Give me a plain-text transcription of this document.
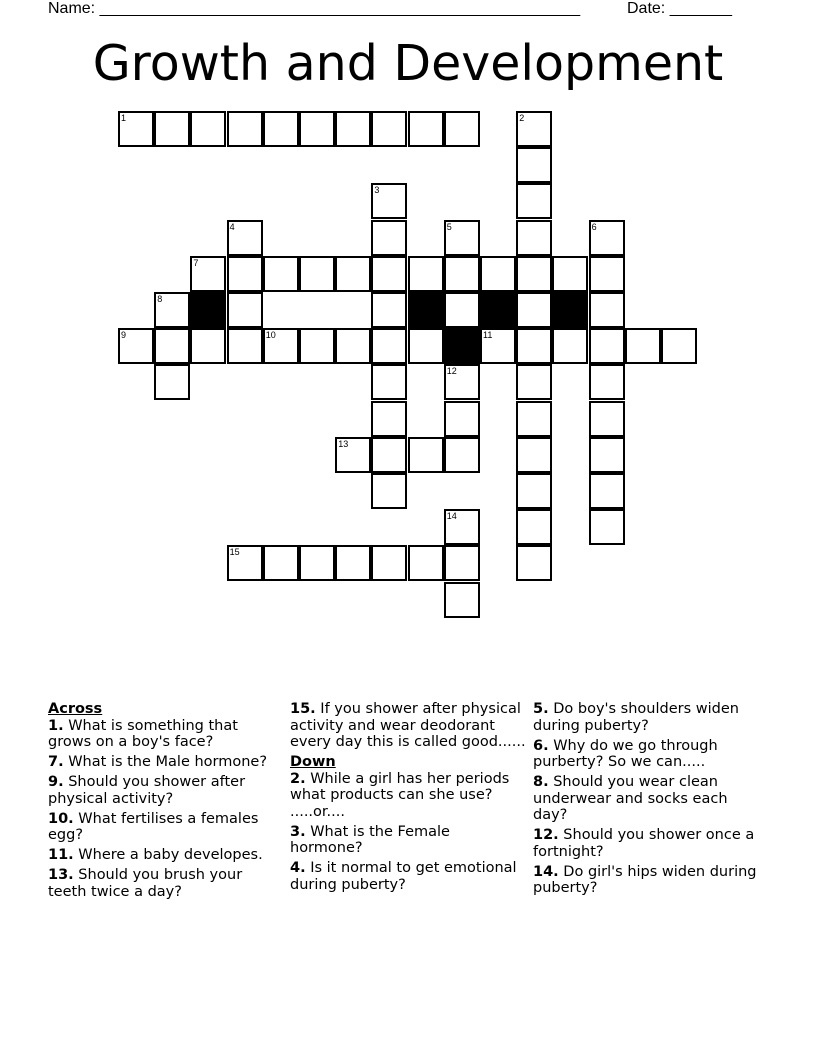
Name: ______________________________________________________	Date: _______
Growth and Development
1
7
9	10	11
15
13
2
3
4	5	6
8
12
14
Across
1. What is something that grows on a boy's face?
7. What is the Male hormone?
9. Should you shower after physical activity?
10. What fertilises a females egg?
11. Where a baby developes.
13. Should you brush your teeth twice a day?
15. If you shower after physical activity and wear deodorant every day this is called good......
Down
2. While a girl has her periods what products can she use? .....or....
3. What is the Female hormone?
4. Is it normal to get emotional during puberty?
5. Do boy's shoulders widen during puberty?
6. Why do we go through purberty? So we can.....
8. Should you wear clean underwear and socks each day?
12. Should you shower once a fortnight?
14. Do girl's hips widen during puberty?
